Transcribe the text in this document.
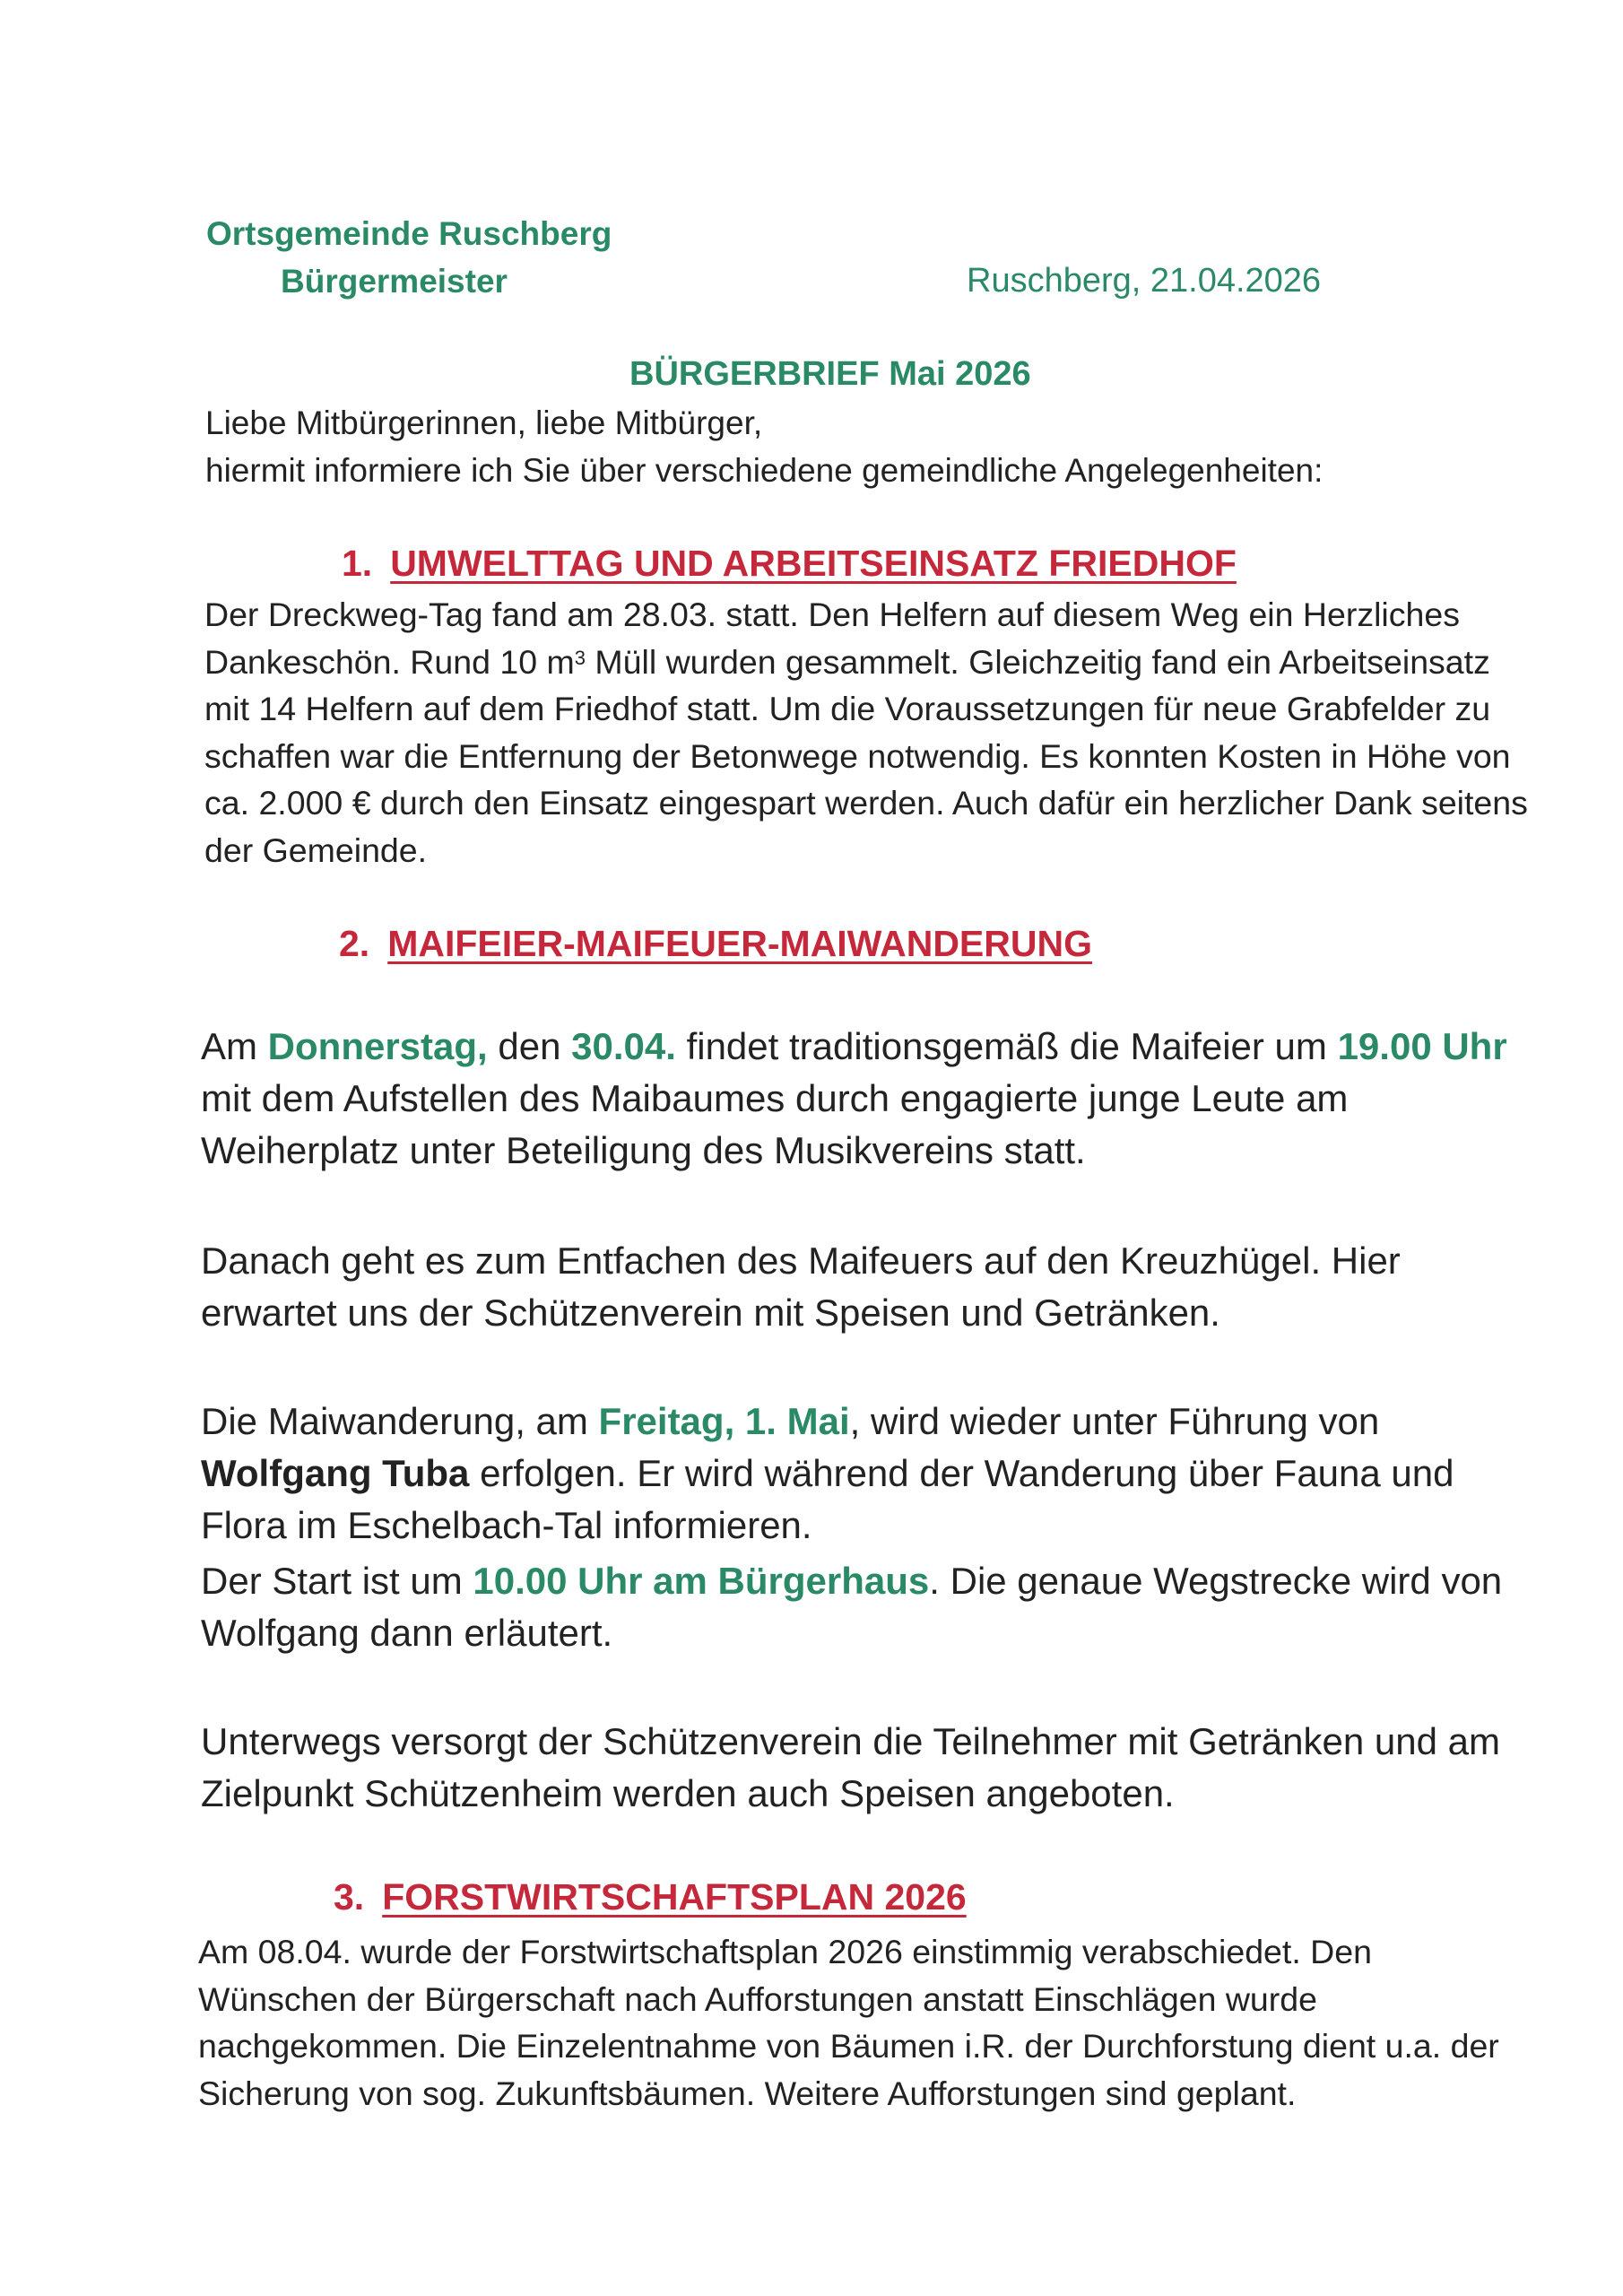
Ortsgemeinde Ruschberg
Bürgermeister	Ruschberg, 21.04.2026
BÜRGERBRIEF Mai 2026
Liebe Mitbürgerinnen, liebe Mitbürger,
hiermit informiere ich Sie über verschiedene gemeindliche Angelegenheiten:
1. UMWELTTAG UND ARBEITSEINSATZ FRIEDHOF

Der Dreckweg-Tag fand am 28.03. statt. Den Helfern auf diesem Weg ein Herzliches Dankeschön. Rund 10 $m^3$ Müll wurden gesammelt. Gleichzeitig fand ein Arbeitseinsatz mit 14 Helfern auf dem Friedhof statt. Um die Voraussetzungen für neue Grabfelder zu schaffen war die Entfernung der Betonwege notwendig. Es konnten Kosten in Höhe von ca. 2.000 € durch den Einsatz eingespart werden. Auch dafür ein herzlicher Dank seitens der Gemeinde.

2. MAIFEIER-MAIFEUER-MAIWANDERUNG

Am Donnerstag, den 30.04. findet traditionsgemäß die Maifeier um 19.00 Uhr mit dem Aufstellen des Maibaumes durch engagierte junge Leute am Weiherplatz unter Beteiligung des Musikvereins statt.

Danach geht es zum Entfachen des Maifeuers auf den Kreuzhügel. Hier erwartet uns der Schützenverein mit Speisen und Getränken.

Die Maiwanderung, am Freitag, 1. Mai, wird wieder unter Führung von Wolfgang Tuba erfolgen. Er wird während der Wanderung über Fauna und Flora im Eschelbach-Tal informieren.

Der Start ist um 10.00 Uhr am Bürgerhaus. Die genaue Wegstrecke wird von Wolfgang dann erläutert.

Unterwegs versorgt der Schützenverein die Teilnehmer mit Getränken und am Zielpunkt Schützenheim werden auch Speisen angeboten.

3. FORSTWIRTSCHAFTSPLAN 2026

Am 08.04. wurde der Forstwirtschaftsplan 2026 einstimmig verabschiedet. Den Wünschen der Bürgerschaft nach Aufforstungen anstatt Einschlägen wurde nachgekommen. Die Einzelentnahme von Bäumen i.R. der Durchforstung dient u.a. der Sicherung von sog. Zukunftsbäumen. Weitere Aufforstungen sind geplant.
